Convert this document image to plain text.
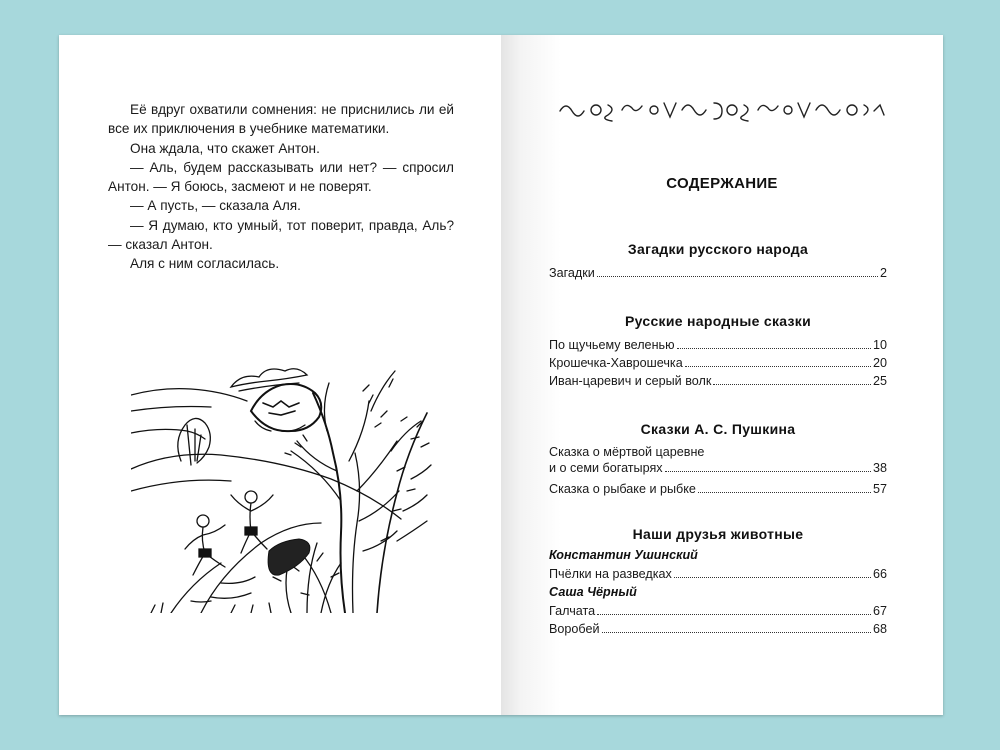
Её вдруг охватили сомнения: не приснились ли ей все их приключения в учебнике математики.

Она ждала, что скажет Антон.

— Аль, будем рассказывать или нет? — спросил Антон. — Я боюсь, засмеют и не поверят.

— А пусть, — сказала Аля.

— Я думаю, кто умный, тот поверит, правда, Аль? — сказал Антон.

Аля с ним согласилась.

СОДЕРЖАНИЕ
Загадки русского народа
Загадки	2
Русские народные сказки
По щучьему веленью	10
Крошечка-Хаврошечка	20
Иван-царевич и серый волк	25
Сказки А. С. Пушкина
Сказка о мёртвой царевне
и о семи богатырях	38
Сказка о рыбаке и рыбке	57
Наши друзья животные
Константин Ушинский
Пчёлки на разведках	66
Саша Чёрный
Галчата	67
Воробей	68
